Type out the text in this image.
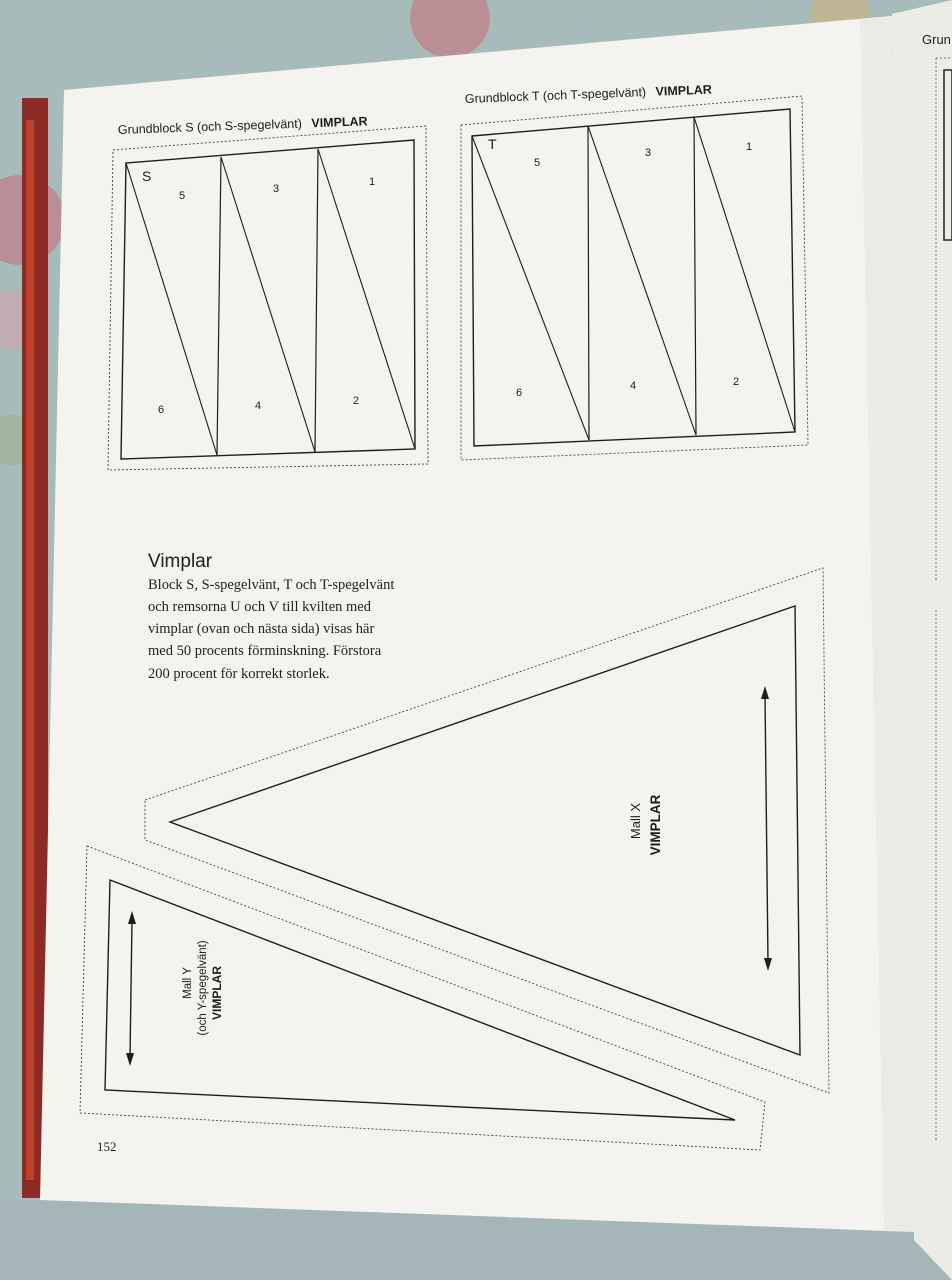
Grun
Grundblock S (och S-spegelvänt) VIMPLAR
S
5
3
1
6	4	2
Grundblock T (och T-spegelvänt) VIMPLAR
T
5
3	1
6
4	2
Vimplar
Block S, S-spegelvänt, T och T-spegelvänt
och remsorna U och V till kvilten med
vimplar (ovan och nästa sida) visas här
med 50 procents förminskning. Förstora
200 procent för korrekt storlek.
Mall X VIMPLAR
Mall Y (och Y-spegelvänt) VIMPLAR
152
